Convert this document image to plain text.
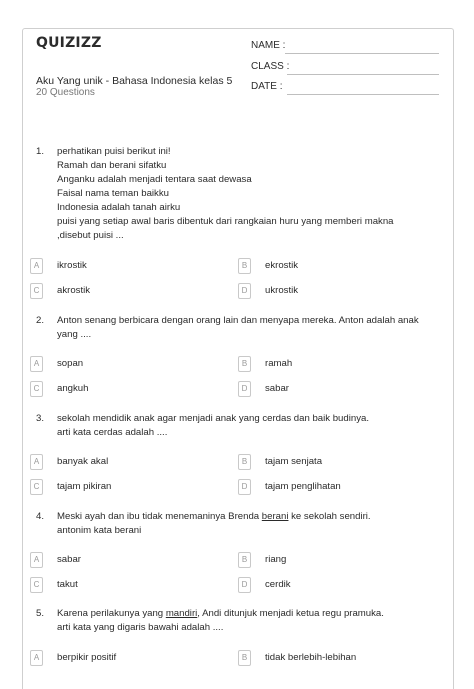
QUIZIZZ
Aku Yang unik - Bahasa Indonesia kelas 5
20 Questions
NAME :
CLASS :
DATE :
1. perhatikan puisi berikut ini!
Ramah dan berani sifatku
Anganku adalah menjadi tentara saat dewasa
Faisal nama teman baikku
Indonesia adalah tanah airku
puisi yang setiap awal baris dibentuk dari rangkaian huru yang memberi makna
,disebut puisi ...
A	ikrostik	B	ekrostik
C	akrostik	D	ukrostik
2. Anton senang berbicara dengan orang lain dan menyapa mereka. Anton adalah anak
yang ....
A	sopan	B	ramah
C	angkuh	D	sabar
3. sekolah mendidik anak agar menjadi anak yang cerdas dan baik budinya.
arti kata cerdas adalah ....
A	banyak akal	B	tajam senjata
C	tajam pikiran	D	tajam penglihatan
4. Meski ayah dan ibu tidak menemaninya Brenda berani ke sekolah sendiri.
antonim kata berani
A	sabar	B	riang
C	takut	D	cerdik
5. Karena perilakunya yang mandiri, Andi ditunjuk menjadi ketua regu pramuka.
arti kata yang digaris bawahi adalah ....
A	berpikir positif	B	tidak berlebih-lebihan
